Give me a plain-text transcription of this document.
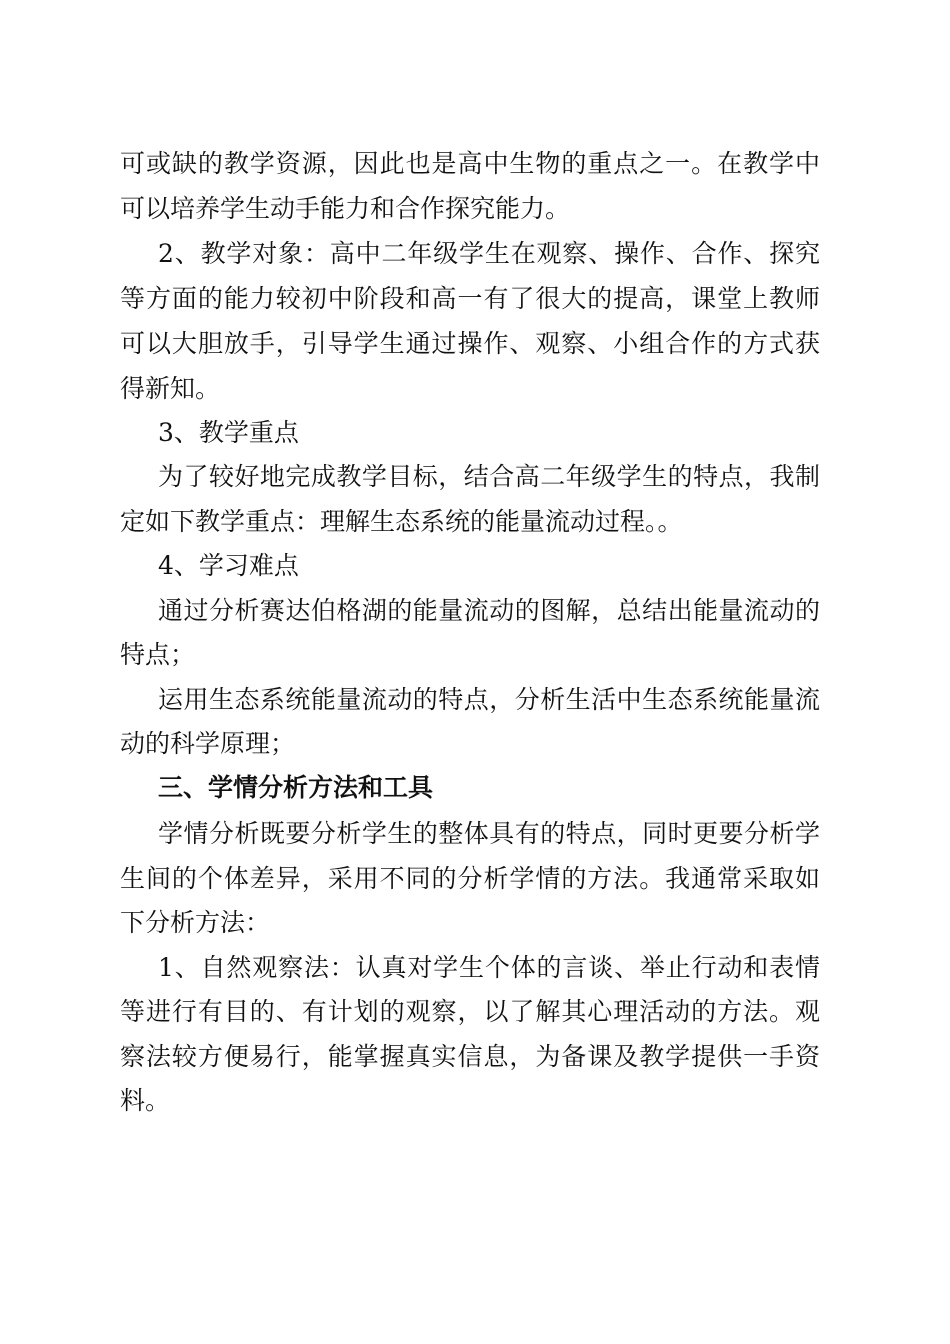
可或缺的教学资源，因此也是高中生物的重点之一。在教学中
可以培养学生动手能力和合作探究能力。
2、教学对象：高中二年级学生在观察、操作、合作、探究
等方面的能力较初中阶段和高一有了很大的提高，课堂上教师
可以大胆放手，引导学生通过操作、观察、小组合作的方式获
得新知。
3、教学重点
为了较好地完成教学目标，结合高二年级学生的特点，我制
定如下教学重点：理解生态系统的能量流动过程。。
4、学习难点
通过分析赛达伯格湖的能量流动的图解，总结出能量流动的
特点；
运用生态系统能量流动的特点，分析生活中生态系统能量流
动的科学原理；
三、学情分析方法和工具
学情分析既要分析学生的整体具有的特点，同时更要分析学
生间的个体差异，采用不同的分析学情的方法。我通常采取如
下分析方法：
1、自然观察法：认真对学生个体的言谈、举止行动和表情
等进行有目的、有计划的观察，以了解其心理活动的方法。观
察法较方便易行，能掌握真实信息，为备课及教学提供一手资
料。
